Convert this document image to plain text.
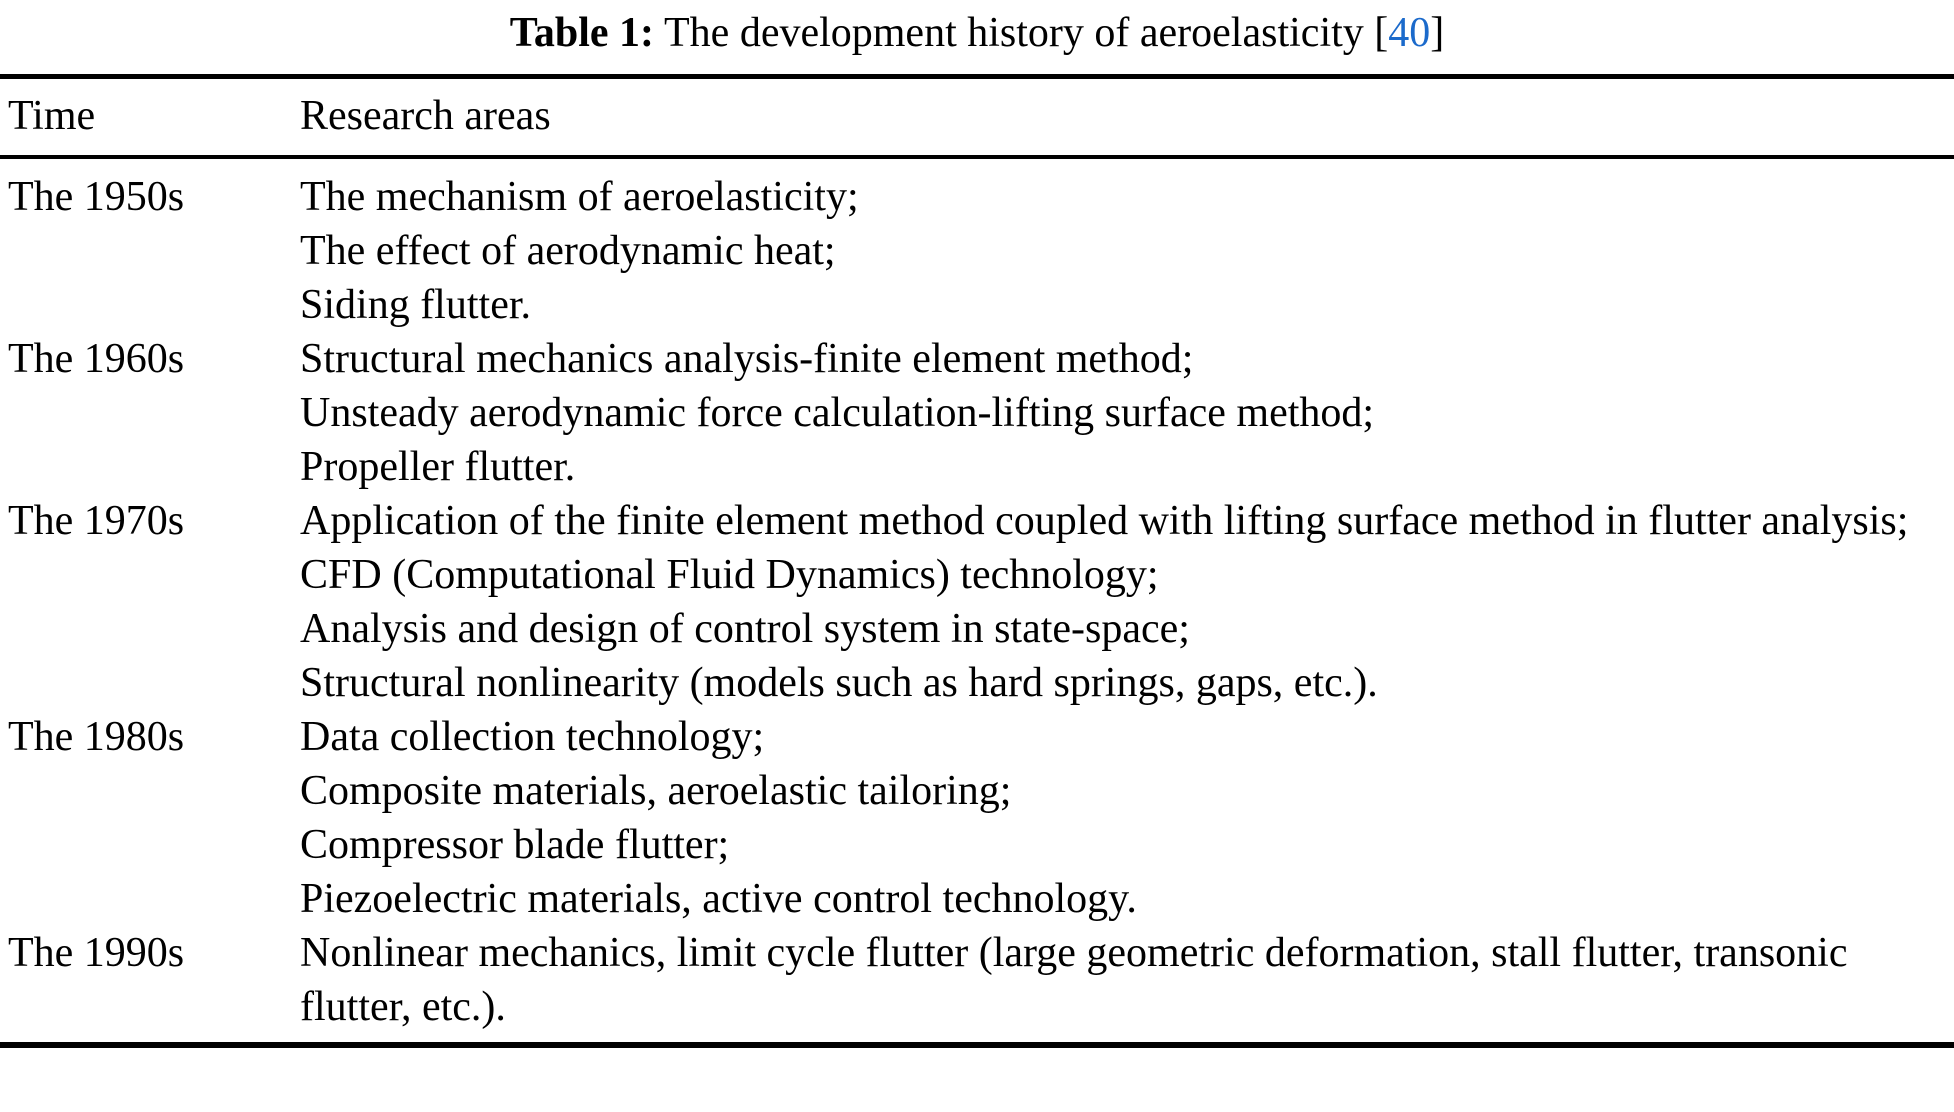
Table 1: The development history of aeroelasticity [40]
Time	Research areas
The 1950s	The mechanism of aeroelasticity;
The effect of aerodynamic heat;
Siding flutter.
The 1960s	Structural mechanics analysis-finite element method;
Unsteady aerodynamic force calculation-lifting surface method;
Propeller flutter.
The 1970s	Application of the finite element method coupled with lifting surface method in flutter analysis;
CFD (Computational Fluid Dynamics) technology;
Analysis and design of control system in state-space;
Structural nonlinearity (models such as hard springs, gaps, etc.).
The 1980s	Data collection technology;
Composite materials, aeroelastic tailoring;
Compressor blade flutter;
Piezoelectric materials, active control technology.
The 1990s	Nonlinear mechanics, limit cycle flutter (large geometric deformation, stall flutter, transonic flutter, etc.).
